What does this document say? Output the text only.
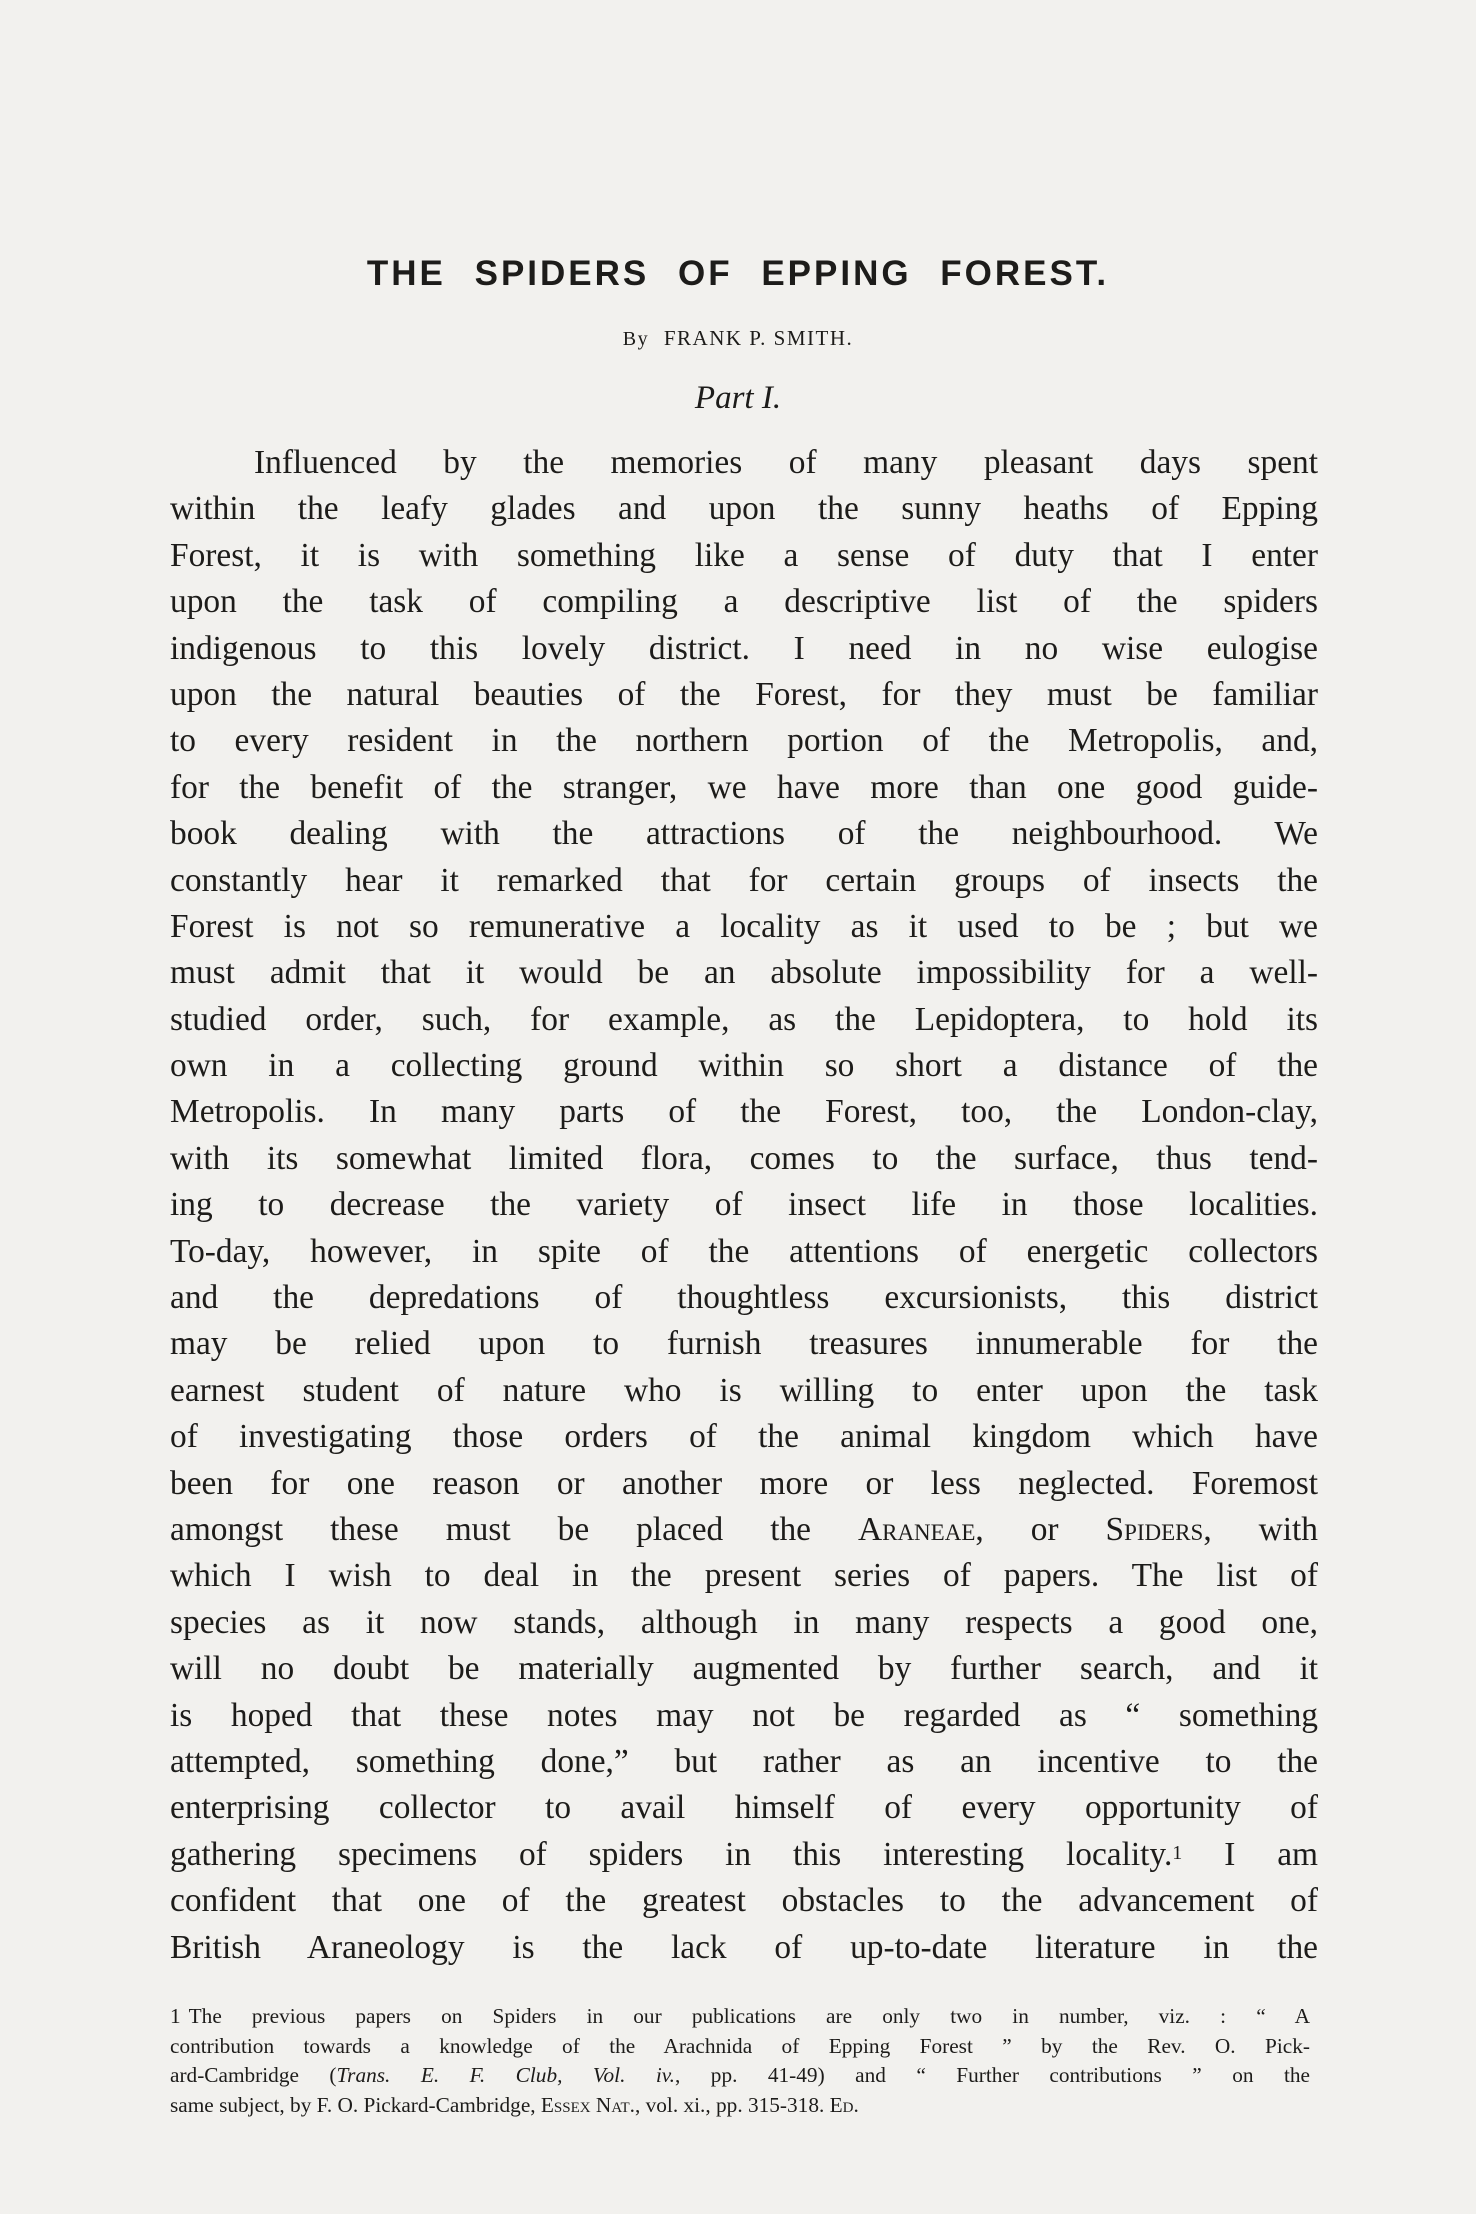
THE SPIDERS OF EPPING FOREST.
By FRANK P. SMITH.
Part I.
Influenced by the memories of many pleasant days spent
within the leafy glades and upon the sunny heaths of Epping
Forest, it is with something like a sense of duty that I enter
upon the task of compiling a descriptive list of the spiders
indigenous to this lovely district. I need in no wise eulogise
upon the natural beauties of the Forest, for they must be familiar
to every resident in the northern portion of the Metropolis, and,
for the benefit of the stranger, we have more than one good guide-
book dealing with the attractions of the neighbourhood. We
constantly hear it remarked that for certain groups of insects the
Forest is not so remunerative a locality as it used to be ; but we
must admit that it would be an absolute impossibility for a well-
studied order, such, for example, as the Lepidoptera, to hold its
own in a collecting ground within so short a distance of the
Metropolis. In many parts of the Forest, too, the London-clay,
with its somewhat limited flora, comes to the surface, thus tend-
ing to decrease the variety of insect life in those localities.
To-day, however, in spite of the attentions of energetic collectors
and the depredations of thoughtless excursionists, this district
may be relied upon to furnish treasures innumerable for the
earnest student of nature who is willing to enter upon the task
of investigating those orders of the animal kingdom which have
been for one reason or another more or less neglected. Foremost
amongst these must be placed the Araneae, or Spiders, with
which I wish to deal in the present series of papers. The list of
species as it now stands, although in many respects a good one,
will no doubt be materially augmented by further search, and it
is hoped that these notes may not be regarded as “ something
attempted, something done,” but rather as an incentive to the
enterprising collector to avail himself of every opportunity of
gathering specimens of spiders in this interesting locality.$^1$ I am
confident that one of the greatest obstacles to the advancement of
British Araneology is the lack of up-to-date literature in the
1 The previous papers on Spiders in our publications are only two in number, viz. : “ A
contribution towards a knowledge of the Arachnida of Epping Forest ” by the Rev. O. Pick-
ard-Cambridge (Trans. E. F. Club, Vol. iv., pp. 41-49) and “ Further contributions ” on the
same subject, by F. O. Pickard-Cambridge, Essex Nat., vol. xi., pp. 315-318. Ed.
